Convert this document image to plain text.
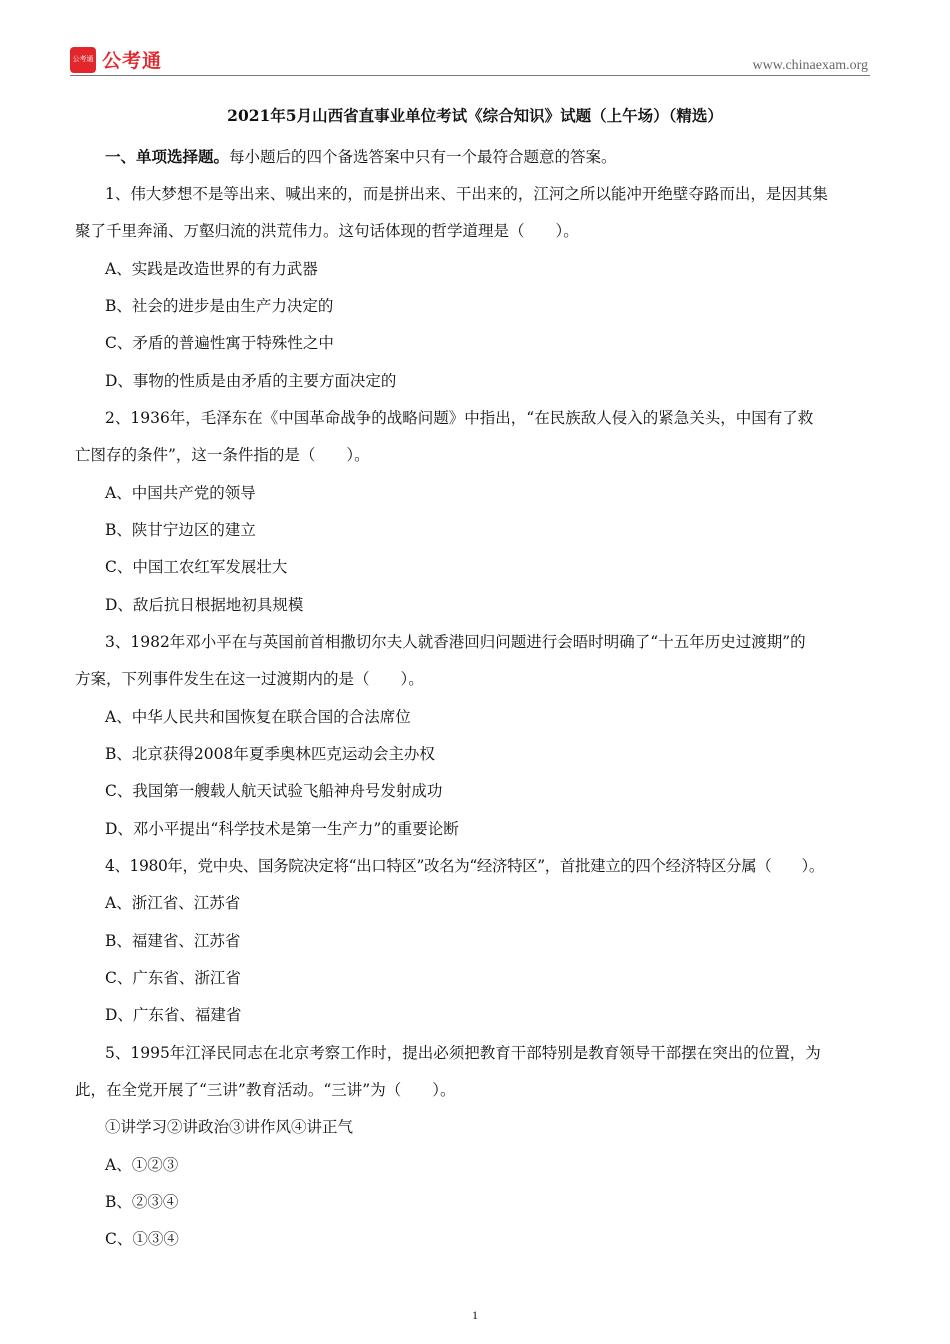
公考通 公考通	www.chinaexam.org
2021年5月山西省直事业单位考试《综合知识》试题（上午场）（精选）
一、单项选择题。每小题后的四个备选答案中只有一个最符合题意的答案。
1、伟大梦想不是等出来、喊出来的，而是拼出来、干出来的，江河之所以能冲开绝壁夺路而出，是因其集
聚了千里奔涌、万壑归流的洪荒伟力。这句话体现的哲学道理是（　　）。
A、实践是改造世界的有力武器
B、社会的进步是由生产力决定的
C、矛盾的普遍性寓于特殊性之中
D、事物的性质是由矛盾的主要方面决定的
2、1936年，毛泽东在《中国革命战争的战略问题》中指出，“在民族敌人侵入的紧急关头，中国有了救
亡图存的条件”，这一条件指的是（　　）。
A、中国共产党的领导
B、陕甘宁边区的建立
C、中国工农红军发展壮大
D、敌后抗日根据地初具规模
3、1982年邓小平在与英国前首相撒切尔夫人就香港回归问题进行会晤时明确了“十五年历史过渡期”的
方案，下列事件发生在这一过渡期内的是（　　）。
A、中华人民共和国恢复在联合国的合法席位
B、北京获得2008年夏季奥林匹克运动会主办权
C、我国第一艘载人航天试验飞船神舟号发射成功
D、邓小平提出“科学技术是第一生产力”的重要论断
4、1980年，党中央、国务院决定将“出口特区”改名为“经济特区”，首批建立的四个经济特区分属（　　）。
A、浙江省、江苏省
B、福建省、江苏省
C、广东省、浙江省
D、广东省、福建省
5、1995年江泽民同志在北京考察工作时，提出必须把教育干部特别是教育领导干部摆在突出的位置，为
此，在全党开展了“三讲”教育活动。“三讲”为（　　）。
①讲学习②讲政治③讲作风④讲正气
A、①②③
B、②③④
C、①③④
1
